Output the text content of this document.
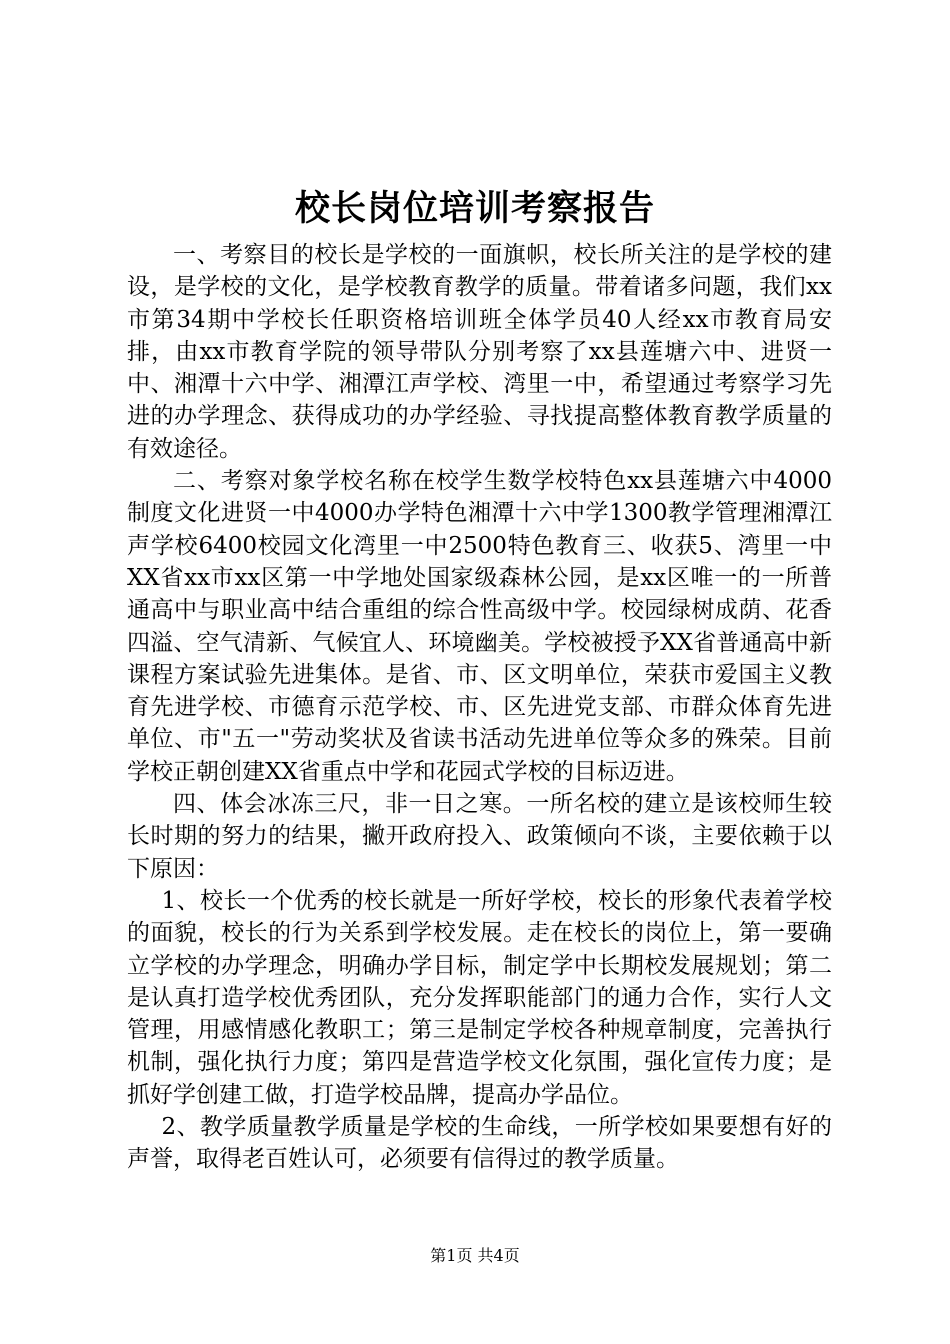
校长岗位培训考察报告

一、考察目的校长是学校的一面旗帜，校长所关注的是学校的建设，是学校的文化，是学校教育教学的质量。带着诸多问题，我们xx市第34期中学校长任职资格培训班全体学员40人经xx市教育局安排，由xx市教育学院的领导带队分别考察了xx县莲塘六中、进贤一中、湘潭十六中学、湘潭江声学校、湾里一中，希望通过考察学习先进的办学理念、获得成功的办学经验、寻找提高整体教育教学质量的有效途径。

二、考察对象学校名称在校学生数学校特色xx县莲塘六中4000制度文化进贤一中4000办学特色湘潭十六中学1300教学管理湘潭江声学校6400校园文化湾里一中2500特色教育三、收获5、湾里一中XX省xx市xx区第一中学地处国家级森林公园，是xx区唯一的一所普通高中与职业高中结合重组的综合性高级中学。校园绿树成荫、花香四溢、空气清新、气候宜人、环境幽美。学校被授予XX省普通高中新课程方案试验先进集体。是省、市、区文明单位，荣获市爱国主义教育先进学校、市德育示范学校、市、区先进党支部、市群众体育先进单位、市"五一"劳动奖状及省读书活动先进单位等众多的殊荣。目前学校正朝创建XX省重点中学和花园式学校的目标迈进。

四、体会冰冻三尺，非一日之寒。一所名校的建立是该校师生较长时期的努力的结果，撇开政府投入、政策倾向不谈，主要依赖于以下原因：

1、校长一个优秀的校长就是一所好学校，校长的形象代表着学校的面貌，校长的行为关系到学校发展。走在校长的岗位上，第一要确立学校的办学理念，明确办学目标，制定学中长期校发展规划；第二是认真打造学校优秀团队，充分发挥职能部门的通力合作，实行人文管理，用感情感化教职工；第三是制定学校各种规章制度，完善执行机制，强化执行力度；第四是营造学校文化氛围，强化宣传力度；是抓好学创建工做，打造学校品牌，提高办学品位。

2、教学质量教学质量是学校的生命线，一所学校如果要想有好的声誉，取得老百姓认可，必须要有信得过的教学质量。

第1页 共4页
